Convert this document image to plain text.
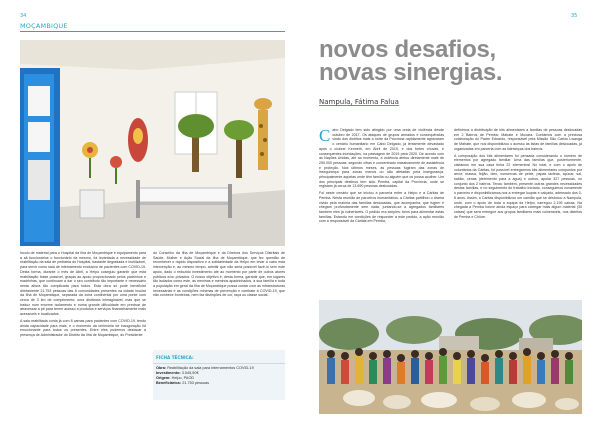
34
MOÇAMBIQUE

Inculo de material para o Hospital da Ilha de Moçambique e equipamento para a sã funcionários o funcionário da mesmo, foi levantada a necessidade de reabilitação da sala de pediatria do Hospital, bastante degradada e inutilizável, para servir como sala de internamento exclusivo de pacientes com COVID-19. Desta forma, durante o mês de Abril, a Helpo coseguiu garantir que esta reabilitação fosse possível, graças ao apoio proporcionado pelos padrinhos e madrinhas, que continuam a dar o seu contributo tão importante e necessário nesta altura tão complicada para todos. Esta obra só pode beneficiar diretamente 21.753 pessoas das 8 comunidades presentes na cidade insular da Ilha de Moçambique, separada da zona continental por uma ponte com cerca de 3 km de comprimento; uma distância inimaginável, mas que se traduz num enorme isolamento e numa grande dificuldade em precisar de atravessar a pé para terem acesso a produtos e serviços financeiramente mais acessíveis e localizados.

A sala reabilitada conta já com 8 camas para pacientes com COVID-19, tendo ainda capacidade para mais, e o momento da cerimónia de inauguração foi emocionante para todos os presentes. Entre eles pudemos destacar a presença de Administrador do Distrito da Ilha de Moçambique, do Presidente

do Conselho da Ilha de Moçambique e da Diretora dos Serviços Distritais de Saúde, Mulher e Ação Social da Ilha de Moçambique, que fez questão de reconhecer o rápido dispositivo e a solidariedade da Helpo em levar a cabo esta intervenção e, ao mesmo tempo, admitir que não seria possível fazê-lo sem este apoio, dado o reduzido investimento até ao momento por parte de outros atores públicos e/ou privados. O nosso objetivo é, desta forma, garantir que, em lugares tão isolados como este, as meninas e meninos apadrinhados, a sua família e toda a população em geral da Ilha de Moçambique possa contar com as infraestruturas necessárias e as condições mínimas de prevenção e combate à COVID-19, que não conhece fronteiras, nem faz distinções de cor, raça ou classe social.

FICHA TÉCNICA:
Obra: Reabilitação da sala para internamentos COVID-19
Investimento: 3.545,50€
Origem: Helpo, PAOD
Beneficiários: 21.753 pessoas
35
novos desafios,
novas sinergias.
Nampula, Fátima Falua
C abo Delgado tem sido atingido por uma onda de violência desde outubro de 2017. Os ataques de grupos armados e consequências vindo dos distritos mais a norte da Província rapidamente agravaram o cenário humanitário em Cabo Delgado, já lentamente devastado após o ciclone Kenneth, em Abril de 2019, e dos fortes chuvas, e consequentes inundações, na passagem de 2019 para 2020. De acordo com as Nações Unidas, até ao momento, a violência afetou diretamente mais de 250.000 pessoas, segundo cifras e concentrado massivamente de assistência e proteção. Nos últimos meses, as pessoas fugiram das zonas de insegurança para zonas menos ou não afetadas pela insegurança, principalmente aquelas onde têm família ou alguém que os possa acolher. Um dos principais destinos tem sido Pemba, capital da Província, onde se registam já cerca de 13.690 pessoas deslocadas.

Foi neste cenário que se iniciou a parceria entre a Helpo e a Cáritas de Pemba. Nesta reunião de parceiros humanitários, a Cáritas partilhou o drama vivido pela maioria das famílias deslocadas, que acompanha, que fugem e chegam profundamente sem nada, juntando-se a agregados familiares também eles já vulneráveis. O pedido era simples: bens para alimentar estas famílias. Estando em condições de responder a este pedido, a ação reunião com a responsável da Cáritas em Pemba,

definimos a distribuição de kits alimentares a famílias de pessoas deslocadas em 2 Bairros de Pemba: Mahate e Muxara. Contámos com a preciosa colaboração do Padre Eduardo, responsável pela Missão São Carlos Lwanga de Mahate, que nos disponibilizou o acesso às listas de famílias deslocadas, já organizadas em parceria com as lideranças dos bairros.

A composição dos kits alimentares foi pensada considerando o número de elementos por agregado familiar. Uma das famílias que, posteriormente, visitámos em sua casa tinha 22 elementos! No total, e com o apoio de voluntários da Cáritas, foi possível entregarmos kits alimentares compostos por arroz, massa, feijão, óleo, conservas de peixe, papas lácteas, açúcar, sal, sabão, cenas (detrimento para a água) e outros, apoiar 327 pessoas, no conjunto dos 2 bairros. Tendo também, presente outras grandes necessidades destas famílias, e no seguimento do trabalho iniciado, conseguimos novamente o parceiro e disponibilizámos-nos a entregar loupas e calçado, adensado dos 0-6 anos. Assim, a Cáritas disponibilizou um camião que se deslocou a Nampula, onde, com o apoio de toda a equipa da Helpo, carregou 2.195 caixas. Na chegada a Pemba houve ainda espaço para carregar mais algum material (30 caixas) que será entregue aos grupos familiares mais vulneráveis, nos distritos de Pemba e Chiúre.
